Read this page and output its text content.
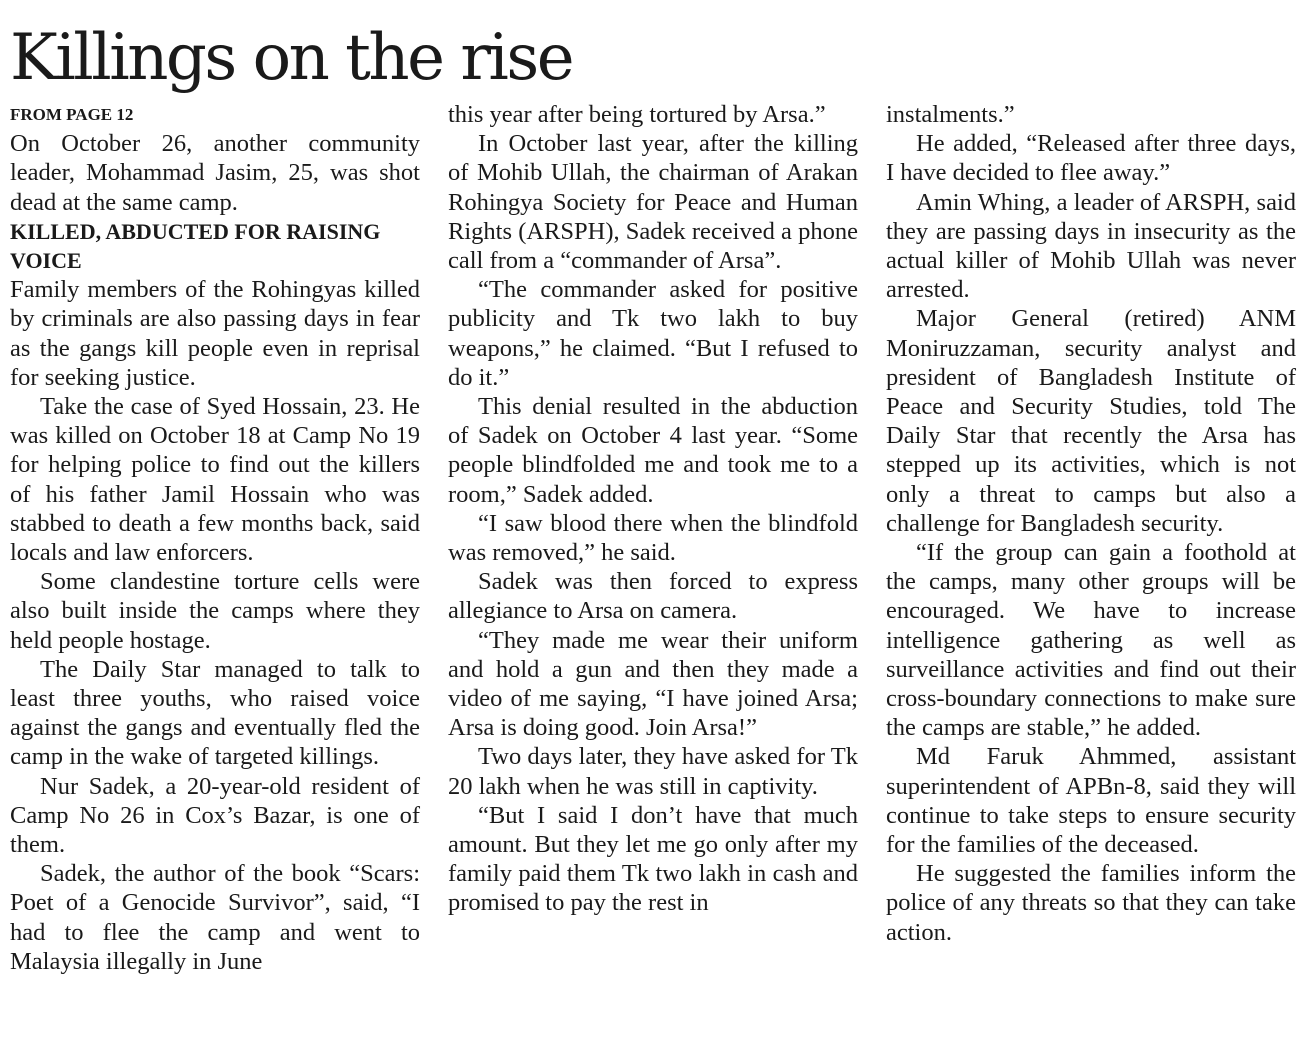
Killings on the rise
FROM PAGE 12

On October 26, another community leader, Mohammad Jasim, 25, was shot dead at the same camp.

KILLED, ABDUCTED FOR RAISING VOICE

Family members of the Rohingyas killed by criminals are also passing days in fear as the gangs kill people even in reprisal for seeking justice.

Take the case of Syed Hossain, 23. He was killed on October 18 at Camp No 19 for helping police to find out the killers of his father Jamil Hossain who was stabbed to death a few months back, said locals and law enforcers.

Some clandestine torture cells were also built inside the camps where they held people hostage.

The Daily Star managed to talk to least three youths, who raised voice against the gangs and eventually fled the camp in the wake of targeted killings.

Nur Sadek, a 20-year-old resident of Camp No 26 in Cox’s Bazar, is one of them.

Sadek, the author of the book “Scars: Poet of a Genocide Survivor”, said, “I had to flee the camp and went to Malaysia illegally in June

this year after being tortured by Arsa.”

In October last year, after the killing of Mohib Ullah, the chairman of Arakan Rohingya Society for Peace and Human Rights (ARSPH), Sadek received a phone call from a “commander of Arsa”.

“The commander asked for positive publicity and Tk two lakh to buy weapons,” he claimed. “But I refused to do it.”

This denial resulted in the abduction of Sadek on October 4 last year. “Some people blindfolded me and took me to a room,” Sadek added.

“I saw blood there when the blindfold was removed,” he said.

Sadek was then forced to express allegiance to Arsa on camera.

“They made me wear their uniform and hold a gun and then they made a video of me saying, “I have joined Arsa; Arsa is doing good. Join Arsa!”

Two days later, they have asked for Tk 20 lakh when he was still in captivity.

“But I said I don’t have that much amount. But they let me go only after my family paid them Tk two lakh in cash and promised to pay the rest in

instalments.”

He added, “Released after three days, I have decided to flee away.”

Amin Whing, a leader of ARSPH, said they are passing days in insecurity as the actual killer of Mohib Ullah was never arrested.

Major General (retired) ANM Moniruzzaman, security analyst and president of Bangladesh Institute of Peace and Security Studies, told The Daily Star that recently the Arsa has stepped up its activities, which is not only a threat to camps but also a challenge for Bangladesh security.

“If the group can gain a foothold at the camps, many other groups will be encouraged. We have to increase intelligence gathering as well as surveillance activities and find out their cross-boundary connections to make sure the camps are stable,” he added.

Md Faruk Ahmmed, assistant superintendent of APBn-8, said they will continue to take steps to ensure security for the families of the deceased.

He suggested the families inform the police of any threats so that they can take action.
